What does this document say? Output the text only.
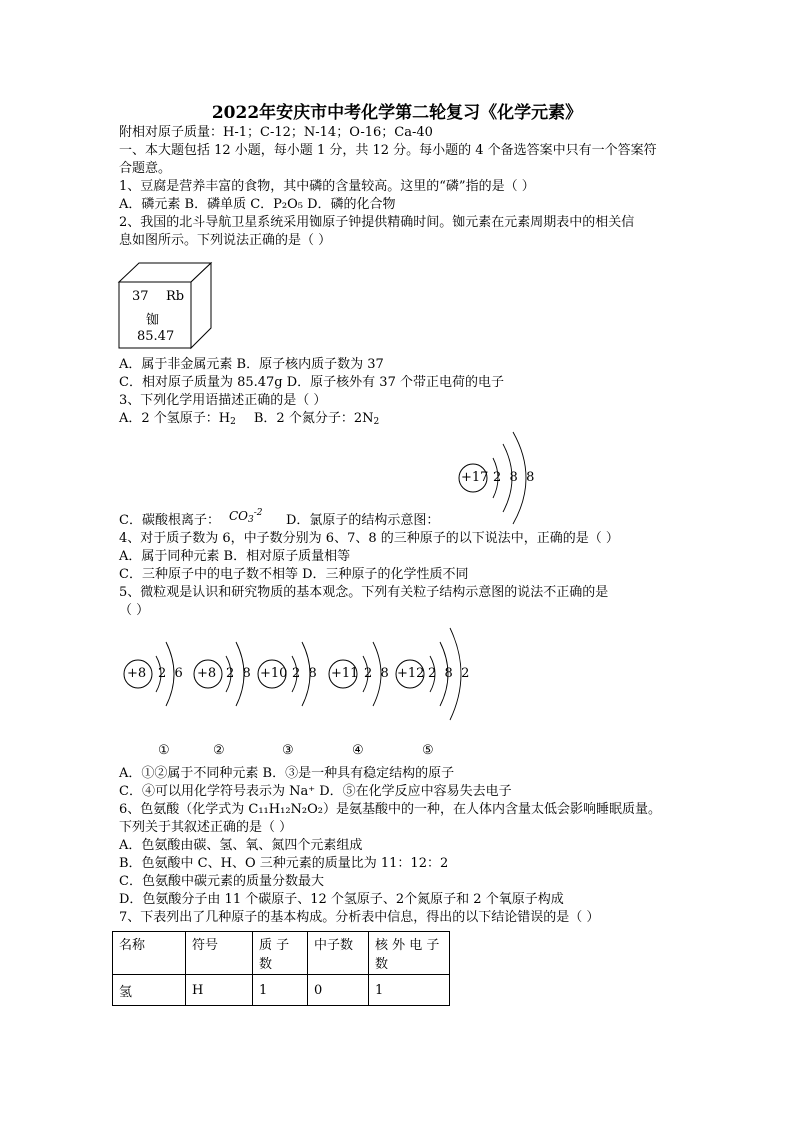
2022年安庆市中考化学第二轮复习《化学元素》
附相对原子质量：H-1；C-12；N-14；O-16；Ca-40
一、本大题包括 12 小题，每小题 1 分，共 12 分。每小题的 4 个备选答案中只有一个答案符
合题意。
1、豆腐是营养丰富的食物，其中磷的含量较高。这里的“磷”指的是（ ）
A．磷元素 B．磷单质 C．P₂O₅ D．磷的化合物
2、我国的北斗导航卫星系统采用铷原子钟提供精确时间。铷元素在元素周期表中的相关信
息如图所示。下列说法正确的是（ ）
37 Rb
铷
85.47
A．属于非金属元素 B．原子核内质子数为 37
C．相对原子质量为 85.47g D．原子核外有 37 个带正电荷的电子
3、下列化学用语描述正确的是（ ）
A．2 个氢原子：$H_2$ B．2 个氮分子：$2N_2$
+17 2  8  8
C．碳酸根离子： $CO_3^{-2}$ D．氯原子的结构示意图：
4、对于质子数为 6，中子数分别为 6、7、8 的三种原子的以下说法中，正确的是（ ）
A．属于同种元素 B．相对原子质量相等
C．三种原子中的电子数不相等 D．三种原子的化学性质不同
5、微粒观是认识和研究物质的基本观念。下列有关粒子结构示意图的说法不正确的是
（ ）
+8 2  6
①
+8 2  8
②
+10 2  8
③
+11 2  8
④
+12 2  8  2
⑤
A．①②属于不同种元素 B．③是一种具有稳定结构的原子
C．④可以用化学符号表示为 Na⁺ D．⑤在化学反应中容易失去电子
6、色氨酸（化学式为 C₁₁H₁₂N₂O₂）是氨基酸中的一种，在人体内含量太低会影响睡眠质量。
下列关于其叙述正确的是（ ）
A．色氨酸由碳、氢、氧、氮四个元素组成
B．色氨酸中 C、H、O 三种元素的质量比为 11：12：2
C．色氨酸中碳元素的质量分数最大
D．色氨酸分子由 11 个碳原子、12 个氢原子、2个氮原子和 2 个氧原子构成
7、下表列出了几种原子的基本构成。分析表中信息，得出的以下结论错误的是（ ）
名称	符号	质 子数	中子数	核 外 电 子数
氢	H	1	0	1
